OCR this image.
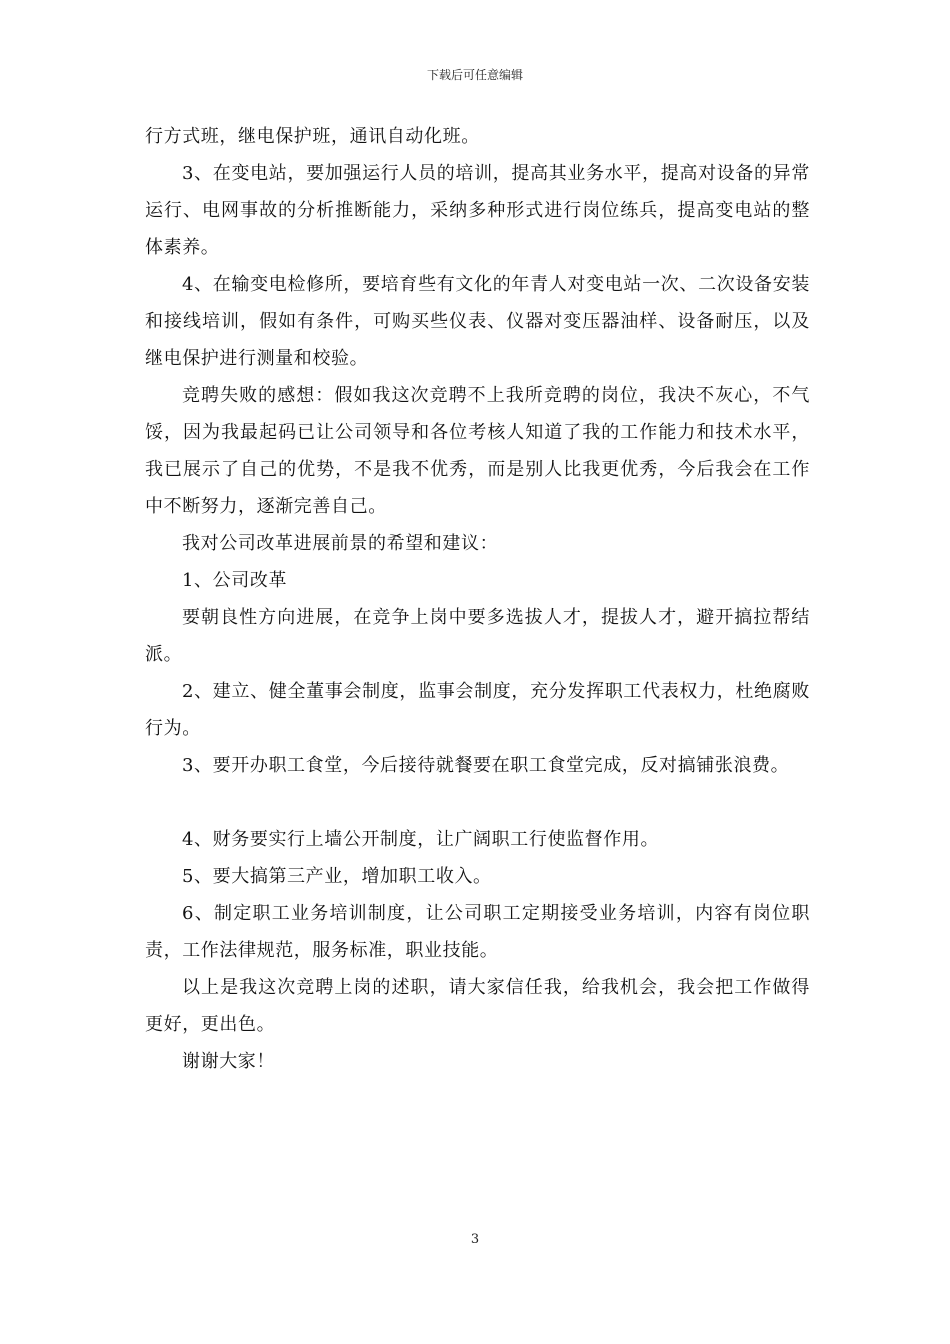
下载后可任意编辑

行方式班，继电保护班，通讯自动化班。

3、在变电站，要加强运行人员的培训，提高其业务水平，提高对设备的异常运行、电网事故的分析推断能力，采纳多种形式进行岗位练兵，提高变电站的整体素养。

4、在输变电检修所，要培育些有文化的年青人对变电站一次、二次设备安装和接线培训，假如有条件，可购买些仪表、仪器对变压器油样、设备耐压，以及继电保护进行测量和校验。

竞聘失败的感想：假如我这次竞聘不上我所竞聘的岗位，我决不灰心，不气馁，因为我最起码已让公司领导和各位考核人知道了我的工作能力和技术水平，我已展示了自己的优势，不是我不优秀，而是别人比我更优秀，今后我会在工作中不断努力，逐渐完善自己。

我对公司改革进展前景的希望和建议：

1、公司改革

要朝良性方向进展，在竞争上岗中要多选拔人才，提拔人才，避开搞拉帮结派。

2、建立、健全董事会制度，监事会制度，充分发挥职工代表权力，杜绝腐败行为。

3、要开办职工食堂，今后接待就餐要在职工食堂完成，反对搞铺张浪费。

4、财务要实行上墙公开制度，让广阔职工行使监督作用。

5、要大搞第三产业，增加职工收入。

6、制定职工业务培训制度，让公司职工定期接受业务培训，内容有岗位职责，工作法律规范，服务标准，职业技能。

以上是我这次竞聘上岗的述职，请大家信任我，给我机会，我会把工作做得更好，更出色。

谢谢大家！

3
